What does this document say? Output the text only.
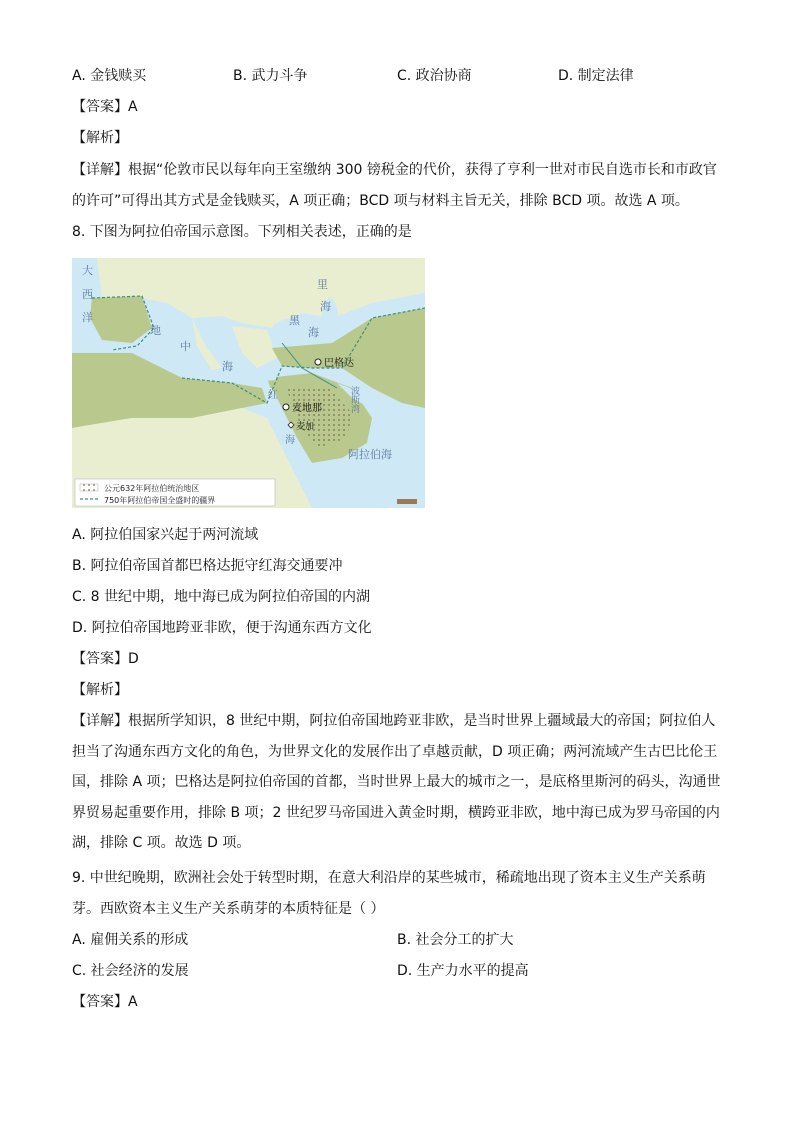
A. 金钱赎买	B. 武力斗争	C. 政治协商	D. 制定法律
【答案】A
【解析】
【详解】根据“伦敦市民以每年向王室缴纳 300 镑税金的代价，获得了亨利一世对市民自选市长和市政官的许可”可得出其方式是金钱赎买，A 项正确；BCD 项与材料主旨无关，排除 BCD 项。故选 A 项。
8. 下图为阿拉伯帝国示意图。下列相关表述，正确的是
大
西
洋
地
中
海
黑
海
里
海
红
海
波斯湾
阿拉伯海
巴格达
麦地那
麦加
公元632年阿拉伯统治地区
750年阿拉伯帝国全盛时的疆界
A. 阿拉伯国家兴起于两河流域
B. 阿拉伯帝国首都巴格达扼守红海交通要冲
C. 8 世纪中期，地中海已成为阿拉伯帝国的内湖
D. 阿拉伯帝国地跨亚非欧，便于沟通东西方文化
【答案】D
【解析】
【详解】根据所学知识，8 世纪中期，阿拉伯帝国地跨亚非欧，是当时世界上疆域最大的帝国；阿拉伯人担当了沟通东西方文化的角色，为世界文化的发展作出了卓越贡献，D 项正确；两河流域产生古巴比伦王国，排除 A 项；巴格达是阿拉伯帝国的首都，当时世界上最大的城市之一，是底格里斯河的码头，沟通世界贸易起重要作用，排除 B 项；2 世纪罗马帝国进入黄金时期，横跨亚非欧，地中海已成为罗马帝国的内湖，排除 C 项。故选 D 项。
9. 中世纪晚期，欧洲社会处于转型时期，在意大利沿岸的某些城市，稀疏地出现了资本主义生产关系萌芽。西欧资本主义生产关系萌芽的本质特征是（ ）
A. 雇佣关系的形成	B. 社会分工的扩大
C. 社会经济的发展	D. 生产力水平的提高
【答案】A
